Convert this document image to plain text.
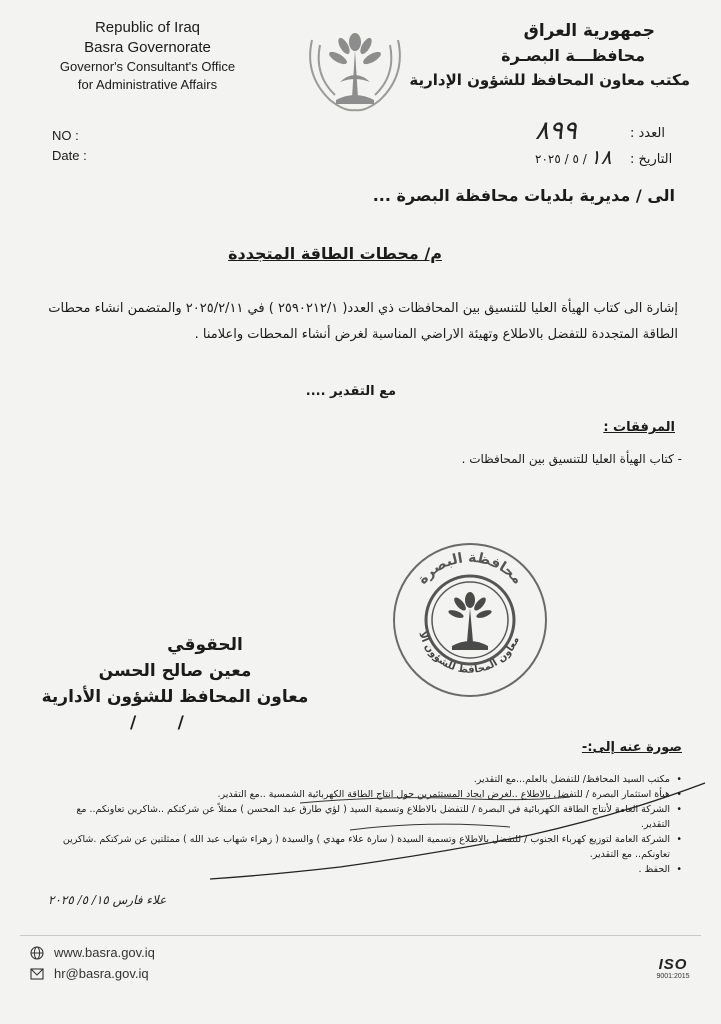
Republic of Iraq
Basra Governorate
Governor's Consultant's Office
for Administrative Affairs
جمهورية العراق
محافظـــة البصـرة
مكتب معاون المحافظ للشؤون الإدارية
NO :
Date :
العدد :
٨٩٩
التاريخ :
١٨
/ ٥ / ٢٠٢٥
الى / مديرية بلديات محافظة البصرة ...
م/ محطات الطاقة المتجددة
إشارة الى كتاب الهيأة العليا للتنسيق بين المحافظات ذي العدد( ٢٥٩٠٢١٢/١ ) في ٢٠٢٥/٢/١١ والمتضمن انشاء محطات
الطاقة المتجددة للتفضل بالاطلاع وتهيئة الاراضي المناسبة لغرض أنشاء المحطات واعلامنا .
مع التقدير ....
المرفقات :
- كتاب الهيأة العليا للتنسيق بين المحافظات .
محافظة البصرة
معاون المحافظ للشؤون الادارية
الحقوقي
معين صالح الحسن
معاون المحافظ للشؤون الأدارية
/       /
صورة عنه إلى:-
•
مكتب السيد المحافظ/ للتفضل بالعلم...مع التقدير.
•
هيأة استثمار البصرة / للتفضل بالاطلاع ..لغرض ايجاد المستثمرين حول انتاج الطاقة الكهربائية الشمسية ..مع التقدير.
•
الشركة العامة لأنتاج الطاقة الكهربائية في البصرة / للتفضل بالاطلاع وتسمية السيد ( لؤي طارق عبد المحسن ) ممثلاً عن شركتكم ..شاكرين تعاونكم.. مع التقدير.
•
الشركة العامة لتوزيع كهرباء الجنوب / للتفضل بالاطلاع وتسمية السيدة ( سارة علاء مهدي ) والسيدة ( زهراء شهاب عبد الله ) ممثلتين عن شركتكم .شاكرين تعاونكم.. مع التقدير.
•
الحفظ .
علاء فارس ١٥/ ٥/ ٢٠٢٥
www.basra.gov.iq
hr@basra.gov.iq
ISO
9001:2015
